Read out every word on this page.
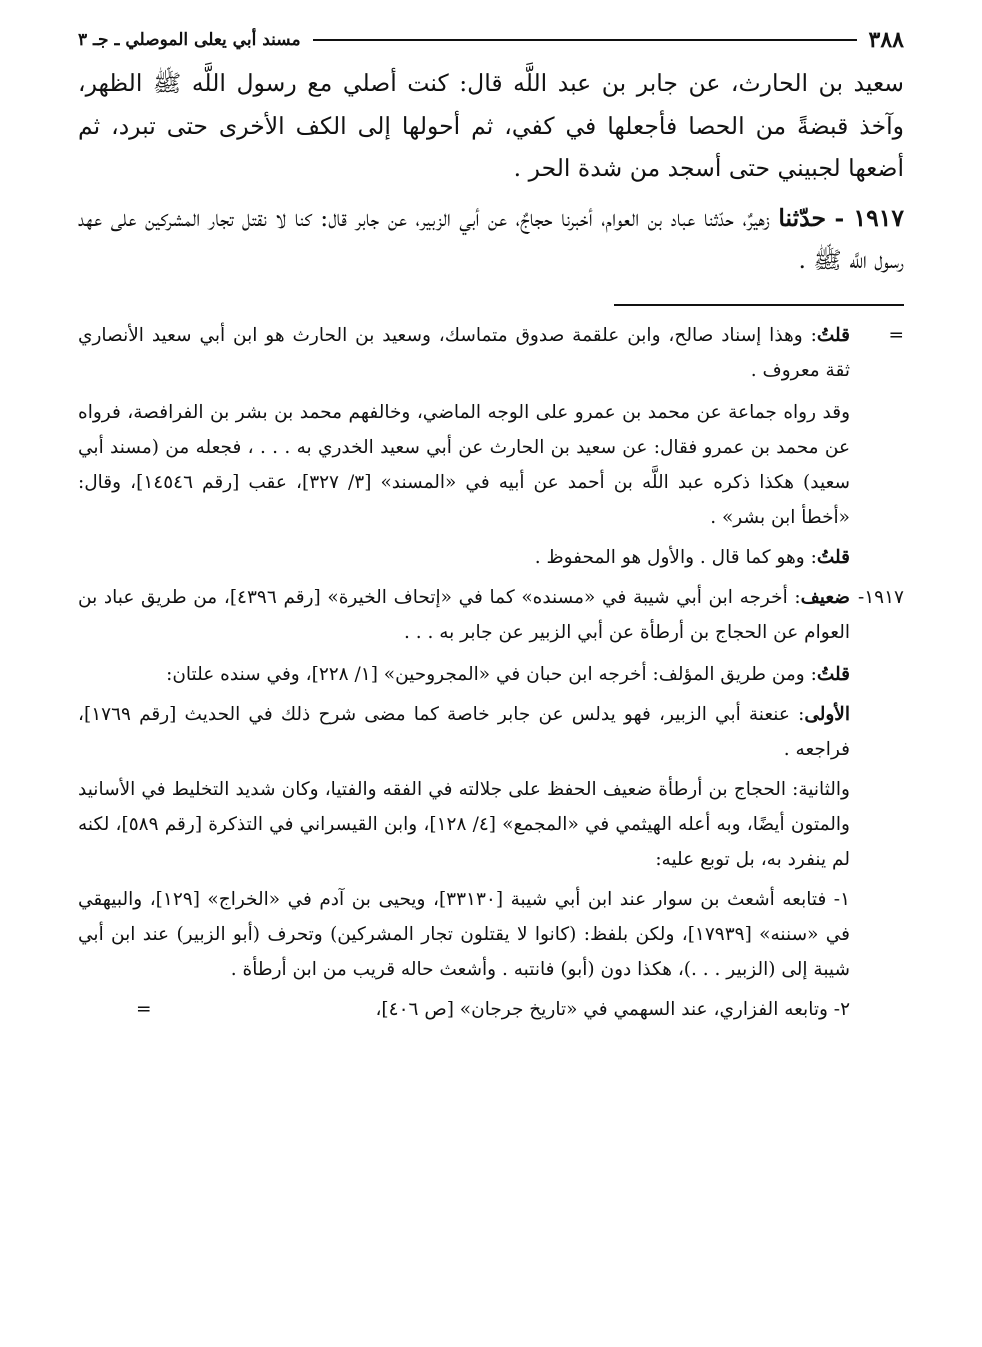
٣٨٨
مسند أبي يعلى الموصلي ـ جـ ٣

سعيد بن الحارث، عن جابر بن عبد اللَّه قال: كنت أصلي مع رسول اللَّه ﷺ الظهر، وآخذ قبضةً من الحصا فأجعلها في كفي، ثم أحولها إلى الكف الأخرى حتى تبرد، ثم أضعها لجبيني حتى أسجد من شدة الحر .

١٩١٧ - حدّثنا زهيرٌ، حدّثنا عباد بن العوام، أخبرنا حجاجٌ، عن أبي الزبير، عن جابر قال: كنا لا نقتل تجار المشركين على عهد رسول اللَّه ﷺ .

=
قلتُ: وهذا إسناد صالح، وابن علقمة صدوق متماسك، وسعيد بن الحارث هو ابن أبي سعيد الأنصاري ثقة معروف .

وقد رواه جماعة عن محمد بن عمرو على الوجه الماضي، وخالفهم محمد بن بشر بن الفرافصة، فرواه عن محمد بن عمرو فقال: عن سعيد بن الحارث عن أبي سعيد الخدري به . . . ، فجعله من (مسند أبي سعيد) هكذا ذكره عبد اللَّه بن أحمد عن أبيه في «المسند» [٣/ ٣٢٧]، عقب [رقم ١٤٥٤٦]، وقال: «أخطأ ابن بشر» .

قلتُ: وهو كما قال . والأول هو المحفوظ .

١٩١٧-
ضعيف: أخرجه ابن أبي شيبة في «مسنده» كما في «إتحاف الخيرة» [رقم ٤٣٩٦]، من طريق عباد بن العوام عن الحجاج بن أرطأة عن أبي الزبير عن جابر به . . .

قلتُ: ومن طريق المؤلف: أخرجه ابن حبان في «المجروحين» [١/ ٢٢٨]، وفي سنده علتان:

الأولى: عنعنة أبي الزبير، فهو يدلس عن جابر خاصة كما مضى شرح ذلك في الحديث [رقم ١٧٦٩]، فراجعه .

والثانية: الحجاج بن أرطأة ضعيف الحفظ على جلالته في الفقه والفتيا، وكان شديد التخليط في الأسانيد والمتون أيضًا، وبه أعله الهيثمي في «المجمع» [٤/ ١٢٨]، وابن القيسراني في التذكرة [رقم ٥٨٩]، لكنه لم ينفرد به، بل توبع عليه:

١- فتابعه أشعث بن سوار عند ابن أبي شيبة [٣٣١٣٠]، ويحيى بن آدم في «الخراج» [١٢٩]، والبيهقي في «سننه» [١٧٩٣٩]، ولكن بلفظ: (كانوا لا يقتلون تجار المشركين) وتحرف (أبو الزبير) عند ابن أبي شيبة إلى (الزبير . . .)، هكذا دون (أبو) فانتبه . وأشعث حاله قريب من ابن أرطأة .

٢- وتابعه الفزاري، عند السهمي في «تاريخ جرجان» [ص ٤٠٦]،
=
